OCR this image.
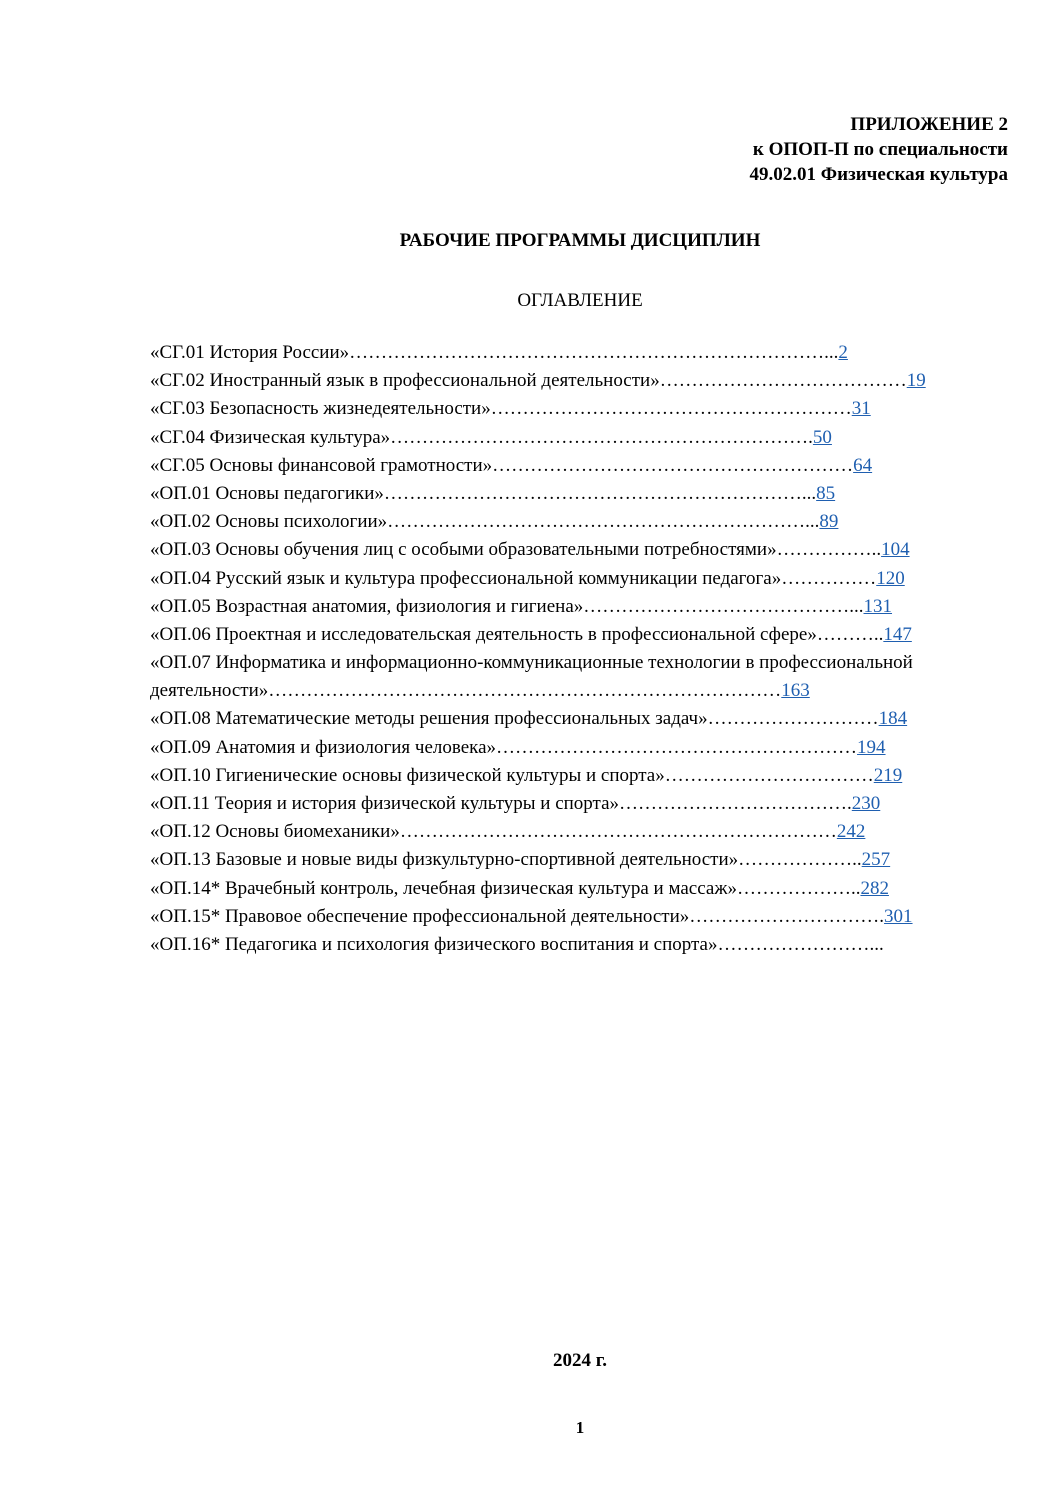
ПРИЛОЖЕНИЕ 2
к ОПОП-П по специальности
49.02.01 Физическая культура
РАБОЧИЕ ПРОГРАММЫ ДИСЦИПЛИН
ОГЛАВЛЕНИЕ
«СГ.01 История России»…………………………………………………………………...2
«СГ.02 Иностранный язык в профессиональной деятельности»…………………………………19
«СГ.03 Безопасность жизнедеятельности»…………………………………………………31
«СГ.04 Физическая культура»………………………………………………………….50
«СГ.05 Основы финансовой грамотности»…………………………………………………64
«ОП.01 Основы педагогики»…………………………………………………………...85
«ОП.02 Основы психологии»…………………………………………………………...89
«ОП.03 Основы обучения лиц с особыми образовательными потребностями»……………..104
«ОП.04 Русский язык и культура профессиональной коммуникации педагога»……………120
«ОП.05 Возрастная анатомия, физиология и гигиена»……………………………………...131
«ОП.06 Проектная и исследовательская деятельность в профессиональной сфере»………..147
«ОП.07 Информатика и информационно-коммуникационные технологии в профессиональной
деятельности»………………………………………………………………………163
«ОП.08 Математические методы решения профессиональных задач»………………………184
«ОП.09 Анатомия и физиология человека»…………………………………………………194
«ОП.10 Гигиенические основы физической культуры и спорта»……………………………219
«ОП.11 Теория и история физической культуры и спорта»……………………………….230
«ОП.12 Основы биомеханики»……………………………………………………………242
«ОП.13 Базовые и новые виды физкультурно-спортивной деятельности»………………..257
«ОП.14* Врачебный контроль, лечебная физическая культура и массаж»………………..282
«ОП.15* Правовое обеспечение профессиональной деятельности»………………………….301
«ОП.16* Педагогика и психология физического воспитания и спорта»……………………...
2024 г.
1
